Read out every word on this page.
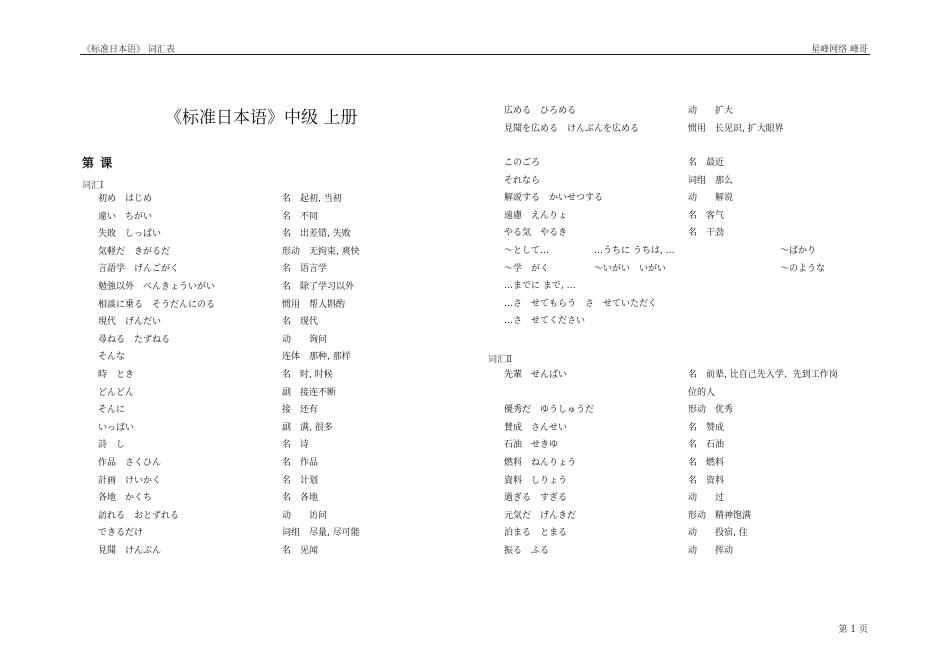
《标准日本语》 词汇表	星峰网络 峰哥
《标准日本语》中级 上册
第 课
词汇Ⅰ
词汇Ⅱ
初め　はじめ	名　起初, 当初
違い　ちがい	名　不同
失敗　しっぱい	名　出差错, 失败
気軽だ　きがるだ	形动　无拘束, 爽快
言語学　げんごがく	名　语言学
勉強以外　べんきょういがい	名　除了学习以外
相談に乗る　そうだんにのる	惯用　帮人斟酌
現代　げんだい	名　现代
尋ねる　たずねる	动　　询问
そんな	连体　那种, 那样
時　とき	名　时, 时候
どんどん	副　接连不断
そんに	接　还有
いっぱい	副　满, 很多
詩　し	名　诗
作品　さくひん	名　作品
計画　けいかく	名　计划
各地　かくち	名　各地
訪れる　おとずれる	动　　访问
できるだけ	词组　尽量, 尽可能
見聞　けんぶん	名　见闻
広める　ひろめる	动　　扩大
見聞を広める　けんぶんを広める	惯用　长见识, 扩大眼界
このごろ	名　最近
それなら	词组　那么
解説する　かいせつする	动　　解说
遠慮　えんりょ	名　客气
やる気　やるき	名　干劲
～として…	…うちに うちは, …	～ばかり
～学　がく	～いがい　いがい	～のような
…までに まで, …
…さ　せてもらう　さ　せていただく
…さ　せてください
先輩　せんぱい	名　前辈, 比自己先入学、先到工作岗
位的人
優秀だ　ゆうしゅうだ	形动　优秀
賛成　さんせい	名　赞成
石油　せきゆ	名　石油
燃料　ねんりょう	名　燃料
資料　しりょう	名　资料
過ぎる　すぎる	动　　过
元気だ　げんきだ	形动　精神饱满
泊まる　とまる	动　　投宿, 住
振る　ふる	动　　挥动
第 1 页
